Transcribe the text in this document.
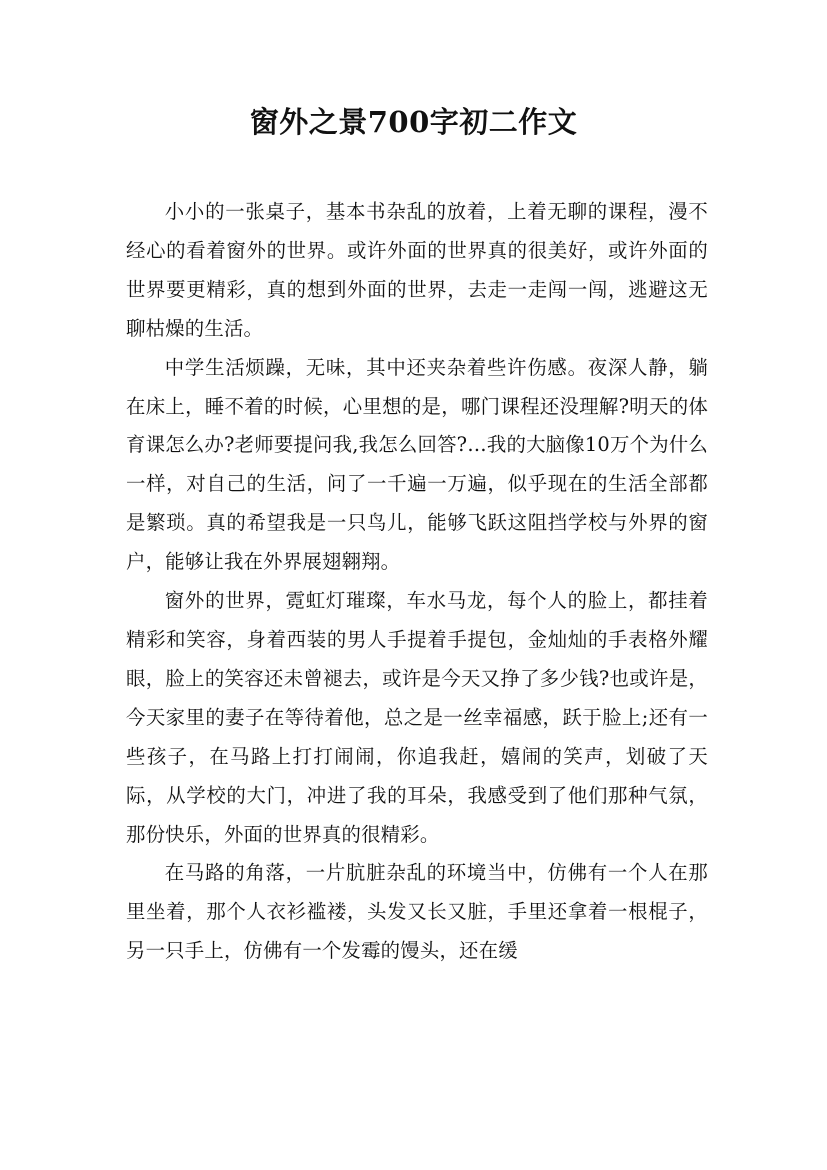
窗外之景700字初二作文

小小的一张桌子，基本书杂乱的放着，上着无聊的课程，漫不经心的看着窗外的世界。或许外面的世界真的很美好，或许外面的世界要更精彩，真的想到外面的世界，去走一走闯一闯，逃避这无聊枯燥的生活。

中学生活烦躁，无味，其中还夹杂着些许伤感。夜深人静，躺在床上，睡不着的时候，心里想的是，哪门课程还没理解?明天的体育课怎么办?老师要提问我,我怎么回答?…我的大脑像10万个为什么一样，对自己的生活，问了一千遍一万遍，似乎现在的生活全部都是繁琐。真的希望我是一只鸟儿，能够飞跃这阻挡学校与外界的窗户，能够让我在外界展翅翱翔。

窗外的世界，霓虹灯璀璨，车水马龙，每个人的脸上，都挂着精彩和笑容，身着西装的男人手提着手提包，金灿灿的手表格外耀眼，脸上的笑容还未曾褪去，或许是今天又挣了多少钱?也或许是，今天家里的妻子在等待着他，总之是一丝幸福感，跃于脸上;还有一些孩子，在马路上打打闹闹，你追我赶，嬉闹的笑声，划破了天际，从学校的大门，冲进了我的耳朵，我感受到了他们那种气氛，那份快乐，外面的世界真的很精彩。

在马路的角落，一片肮脏杂乱的环境当中，仿佛有一个人在那里坐着，那个人衣衫褴褛，头发又长又脏，手里还拿着一根棍子，另一只手上，仿佛有一个发霉的馒头，还在缓
